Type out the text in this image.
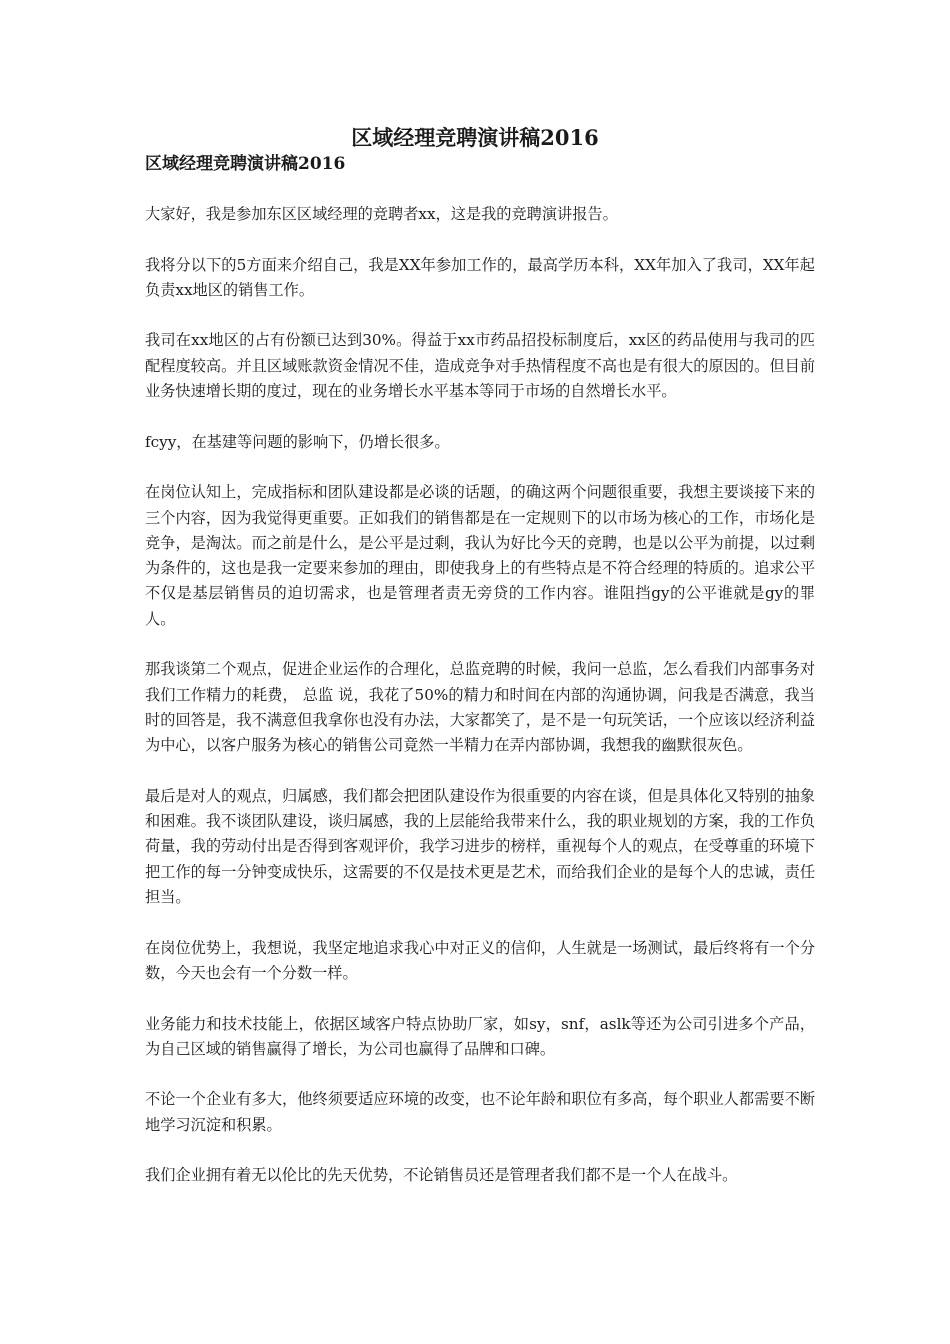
区域经理竞聘演讲稿2016

区域经理竞聘演讲稿2016

大家好，我是参加东区区域经理的竞聘者xx，这是我的竞聘演讲报告。

我将分以下的5方面来介绍自己，我是XX年参加工作的，最高学历本科，XX年加入了我司，XX年起负责xx地区的销售工作。

我司在xx地区的占有份额已达到30%。得益于xx市药品招投标制度后，xx区的药品使用与我司的匹配程度较高。并且区域账款资金情况不佳，造成竞争对手热情程度不高也是有很大的原因的。但目前业务快速增长期的度过，现在的业务增长水平基本等同于市场的自然增长水平。

fcyy，在基建等问题的影响下，仍增长很多。

在岗位认知上，完成指标和团队建设都是必谈的话题，的确这两个问题很重要，我想主要谈接下来的三个内容，因为我觉得更重要。正如我们的销售都是在一定规则下的以市场为核心的工作，市场化是竞争，是淘汰。而之前是什么，是公平是过剩，我认为好比今天的竞聘，也是以公平为前提，以过剩为条件的，这也是我一定要来参加的理由，即使我身上的有些特点是不符合经理的特质的。追求公平不仅是基层销售员的迫切需求，也是管理者责无旁贷的工作内容。谁阻挡gy的公平谁就是gy的罪人。

那我谈第二个观点，促进企业运作的合理化，总监竞聘的时候，我问一总监，怎么看我们内部事务对我们工作精力的耗费， 总监 说，我花了50%的精力和时间在内部的沟通协调，问我是否满意，我当时的回答是，我不满意但我拿你也没有办法，大家都笑了，是不是一句玩笑话，一个应该以经济利益为中心，以客户服务为核心的销售公司竟然一半精力在弄内部协调，我想我的幽默很灰色。

最后是对人的观点，归属感，我们都会把团队建设作为很重要的内容在谈，但是具体化又特别的抽象和困难。我不谈团队建设，谈归属感，我的上层能给我带来什么，我的职业规划的方案，我的工作负荷量，我的劳动付出是否得到客观评价，我学习进步的榜样，重视每个人的观点，在受尊重的环境下把工作的每一分钟变成快乐，这需要的不仅是技术更是艺术，而给我们企业的是每个人的忠诚，责任担当。

在岗位优势上，我想说，我坚定地追求我心中对正义的信仰，人生就是一场测试，最后终将有一个分数，今天也会有一个分数一样。

业务能力和技术技能上，依据区域客户特点协助厂家，如sy，snf，aslk等还为公司引进多个产品，为自己区域的销售赢得了增长，为公司也赢得了品牌和口碑。

不论一个企业有多大，他终须要适应环境的改变，也不论年龄和职位有多高，每个职业人都需要不断地学习沉淀和积累。

我们企业拥有着无以伦比的先天优势，不论销售员还是管理者我们都不是一个人在战斗。
